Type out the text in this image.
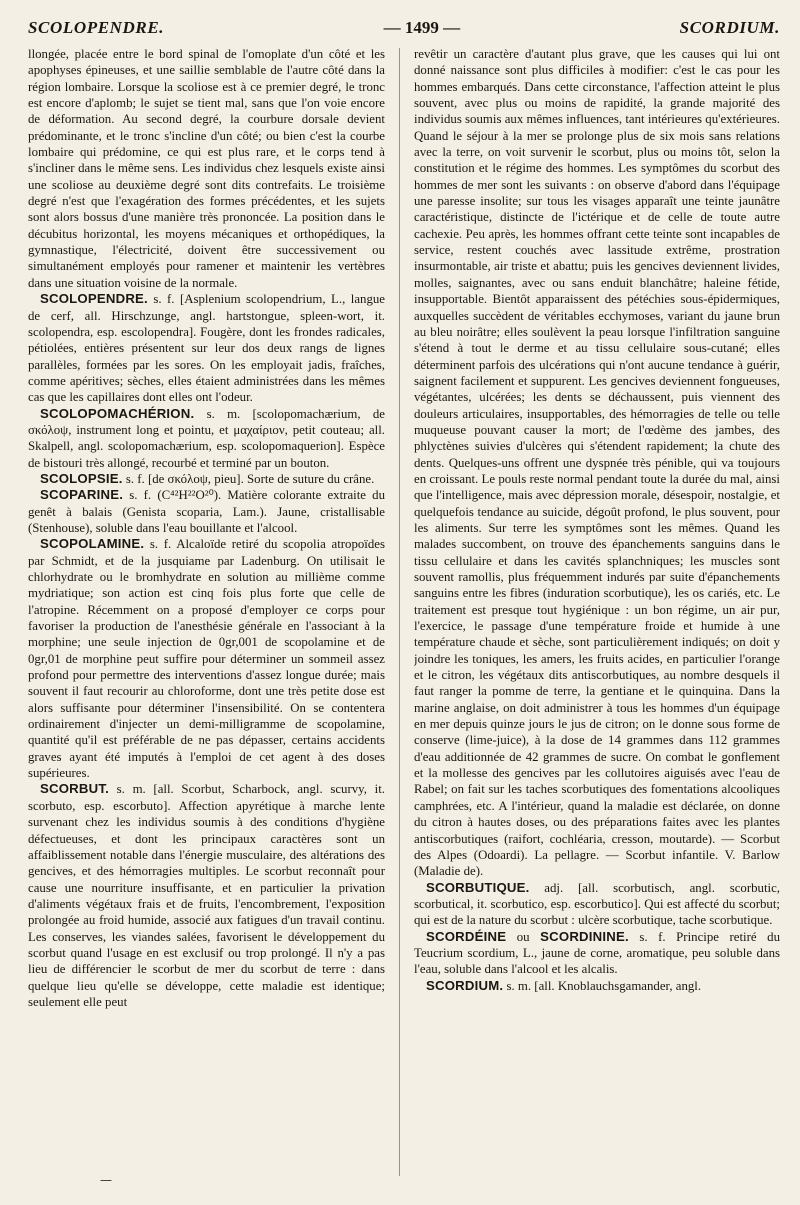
SCOLOPENDRE.	— 1499 —	SCORDIUM.

llongée, placée entre le bord spinal de l'omoplate d'un côté et les apophyses épineuses, et une saillie semblable de l'autre côté dans la région lombaire. Lorsque la scoliose est à ce premier degré, le tronc est encore d'aplomb; le sujet se tient mal, sans que l'on voie encore de déformation. Au second degré, la courbure dorsale devient prédominante, et le tronc s'incline d'un côté; ou bien c'est la courbe lombaire qui prédomine, ce qui est plus rare, et le corps tend à s'incliner dans le même sens. Les individus chez lesquels existe ainsi une scoliose au deuxième degré sont dits contrefaits. Le troisième degré n'est que l'exagération des formes précédentes, et les sujets sont alors bossus d'une manière très prononcée. La position dans le décubitus horizontal, les moyens mécaniques et orthopédiques, la gymnastique, l'électricité, doivent être successivement ou simultanément employés pour ramener et maintenir les vertèbres dans une situation voisine de la normale.

SCOLOPENDRE. s. f. [Asplenium scolopendrium, L., langue de cerf, all. Hirschzunge, angl. hartstongue, spleen-wort, it. scolopendra, esp. escolopendra]. Fougère, dont les frondes radicales, pétiolées, entières présentent sur leur dos deux rangs de lignes parallèles, formées par les sores. On les employait jadis, fraîches, comme apéritives; sèches, elles étaient administrées dans les mêmes cas que les capillaires dont elles ont l'odeur.

SCOLOPOMACHÉRION. s. m. [scolopomachærium, de σκόλοψ, instrument long et pointu, et μαχαίριον, petit couteau; all. Skalpell, angl. scolopomachærium, esp. scolopomaquerion]. Espèce de bistouri très allongé, recourbé et terminé par un bouton.

SCOLOPSIE. s. f. [de σκόλοψ, pieu]. Sorte de suture du crâne.

SCOPARINE. s. f. (C⁴²H²²O²⁰). Matière colorante extraite du genêt à balais (Genista scoparia, Lam.). Jaune, cristallisable (Stenhouse), soluble dans l'eau bouillante et l'alcool.

SCOPOLAMINE. s. f. Alcaloïde retiré du scopolia atropoïdes par Schmidt, et de la jusquiame par Ladenburg. On utilisait le chlorhydrate ou le bromhydrate en solution au millième comme mydriatique; son action est cinq fois plus forte que celle de l'atropine. Récemment on a proposé d'employer ce corps pour favoriser la production de l'anesthésie générale en l'associant à la morphine; une seule injection de 0gr,001 de scopolamine et de 0gr,01 de morphine peut suffire pour déterminer un sommeil assez profond pour permettre des interventions d'assez longue durée; mais souvent il faut recourir au chloroforme, dont une très petite dose est alors suffisante pour déterminer l'insensibilité. On se contentera ordinairement d'injecter un demi-milligramme de scopolamine, quantité qu'il est préférable de ne pas dépasser, certains accidents graves ayant été imputés à l'emploi de cet agent à des doses supérieures.

SCORBUT. s. m. [all. Scorbut, Scharbock, angl. scurvy, it. scorbuto, esp. escorbuto]. Affection apyrétique à marche lente survenant chez les individus soumis à des conditions d'hygiène défectueuses, et dont les principaux caractères sont un affaiblissement notable dans l'énergie musculaire, des altérations des gencives, et des hémorragies multiples. Le scorbut reconnaît pour cause une nourriture insuffisante, et en particulier la privation d'aliments végétaux frais et de fruits, l'encombrement, l'exposition prolongée au froid humide, associé aux fatigues d'un travail continu. Les conserves, les viandes salées, favorisent le développement du scorbut quand l'usage en est exclusif ou trop prolongé. Il n'y a pas lieu de différencier le scorbut de mer du scorbut de terre : dans quelque lieu qu'elle se développe, cette maladie est identique; seulement elle peut

revêtir un caractère d'autant plus grave, que les causes qui lui ont donné naissance sont plus difficiles à modifier: c'est le cas pour les hommes embarqués. Dans cette circonstance, l'affection atteint le plus souvent, avec plus ou moins de rapidité, la grande majorité des individus soumis aux mêmes influences, tant intérieures qu'extérieures. Quand le séjour à la mer se prolonge plus de six mois sans relations avec la terre, on voit survenir le scorbut, plus ou moins tôt, selon la constitution et le régime des hommes. Les symptômes du scorbut des hommes de mer sont les suivants : on observe d'abord dans l'équipage une paresse insolite; sur tous les visages apparaît une teinte jaunâtre caractéristique, distincte de l'ictérique et de celle de toute autre cachexie. Peu après, les hommes offrant cette teinte sont incapables de service, restent couchés avec lassitude extrême, prostration insurmontable, air triste et abattu; puis les gencives deviennent livides, molles, saignantes, avec ou sans enduit blanchâtre; haleine fétide, insupportable. Bientôt apparaissent des pétéchies sous-épidermiques, auxquelles succèdent de véritables ecchymoses, variant du jaune brun au bleu noirâtre; elles soulèvent la peau lorsque l'infiltration sanguine s'étend à tout le derme et au tissu cellulaire sous-cutané; elles déterminent parfois des ulcérations qui n'ont aucune tendance à guérir, saignent facilement et suppurent. Les gencives deviennent fongueuses, végétantes, ulcérées; les dents se déchaussent, puis viennent des douleurs articulaires, insupportables, des hémorragies de telle ou telle muqueuse pouvant causer la mort; de l'œdème des jambes, des phlyctènes suivies d'ulcères qui s'étendent rapidement; la chute des dents. Quelques-uns offrent une dyspnée très pénible, qui va toujours en croissant. Le pouls reste normal pendant toute la durée du mal, ainsi que l'intelligence, mais avec dépression morale, désespoir, nostalgie, et quelquefois tendance au suicide, dégoût profond, le plus souvent, pour les aliments. Sur terre les symptômes sont les mêmes. Quand les malades succombent, on trouve des épanchements sanguins dans le tissu cellulaire et dans les cavités splanchniques; les muscles sont souvent ramollis, plus fréquemment indurés par suite d'épanchements sanguins entre les fibres (induration scorbutique), les os cariés, etc. Le traitement est presque tout hygiénique : un bon régime, un air pur, l'exercice, le passage d'une température froide et humide à une température chaude et sèche, sont particulièrement indiqués; on doit y joindre les toniques, les amers, les fruits acides, en particulier l'orange et le citron, les végétaux dits antiscorbutiques, au nombre desquels il faut ranger la pomme de terre, la gentiane et le quinquina. Dans la marine anglaise, on doit administrer à tous les hommes d'un équipage en mer depuis quinze jours le jus de citron; on le donne sous forme de conserve (lime-juice), à la dose de 14 grammes dans 112 grammes d'eau additionnée de 42 grammes de sucre. On combat le gonflement et la mollesse des gencives par les collutoires aiguisés avec l'eau de Rabel; on fait sur les taches scorbutiques des fomentations alcooliques camphrées, etc. A l'intérieur, quand la maladie est déclarée, on donne du citron à hautes doses, ou des préparations faites avec les plantes antiscorbutiques (raifort, cochléaria, cresson, moutarde). — Scorbut des Alpes (Odoardi). La pellagre. — Scorbut infantile. V. Barlow (Maladie de).

SCORBUTIQUE. adj. [all. scorbutisch, angl. scorbutic, scorbutical, it. scorbutico, esp. escorbutico]. Qui est affecté du scorbut; qui est de la nature du scorbut : ulcère scorbutique, tache scorbutique.

SCORDÉINE ou SCORDININE. s. f. Principe retiré du Teucrium scordium, L., jaune de corne, aromatique, peu soluble dans l'eau, soluble dans l'alcool et les alcalis.

SCORDIUM. s. m. [all. Knoblauchsgamander, angl.

—
